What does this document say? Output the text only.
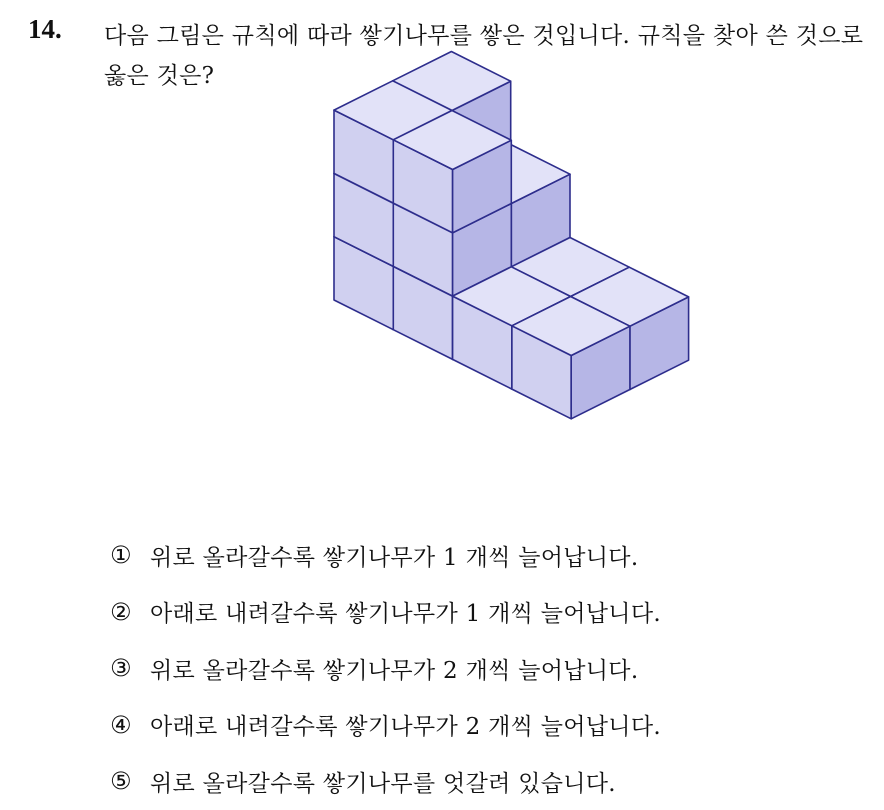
14. 다음 그림은 규칙에 따라 쌓기나무를 쌓은 것입니다. 규칙을 찾아 쓴 것으로 옳은 것은?
① 위로 올라갈수록 쌓기나무가 1 개씩 늘어납니다.
② 아래로 내려갈수록 쌓기나무가 1 개씩 늘어납니다.
③ 위로 올라갈수록 쌓기나무가 2 개씩 늘어납니다.
④ 아래로 내려갈수록 쌓기나무가 2 개씩 늘어납니다.
⑤ 위로 올라갈수록 쌓기나무를 엇갈려 있습니다.
